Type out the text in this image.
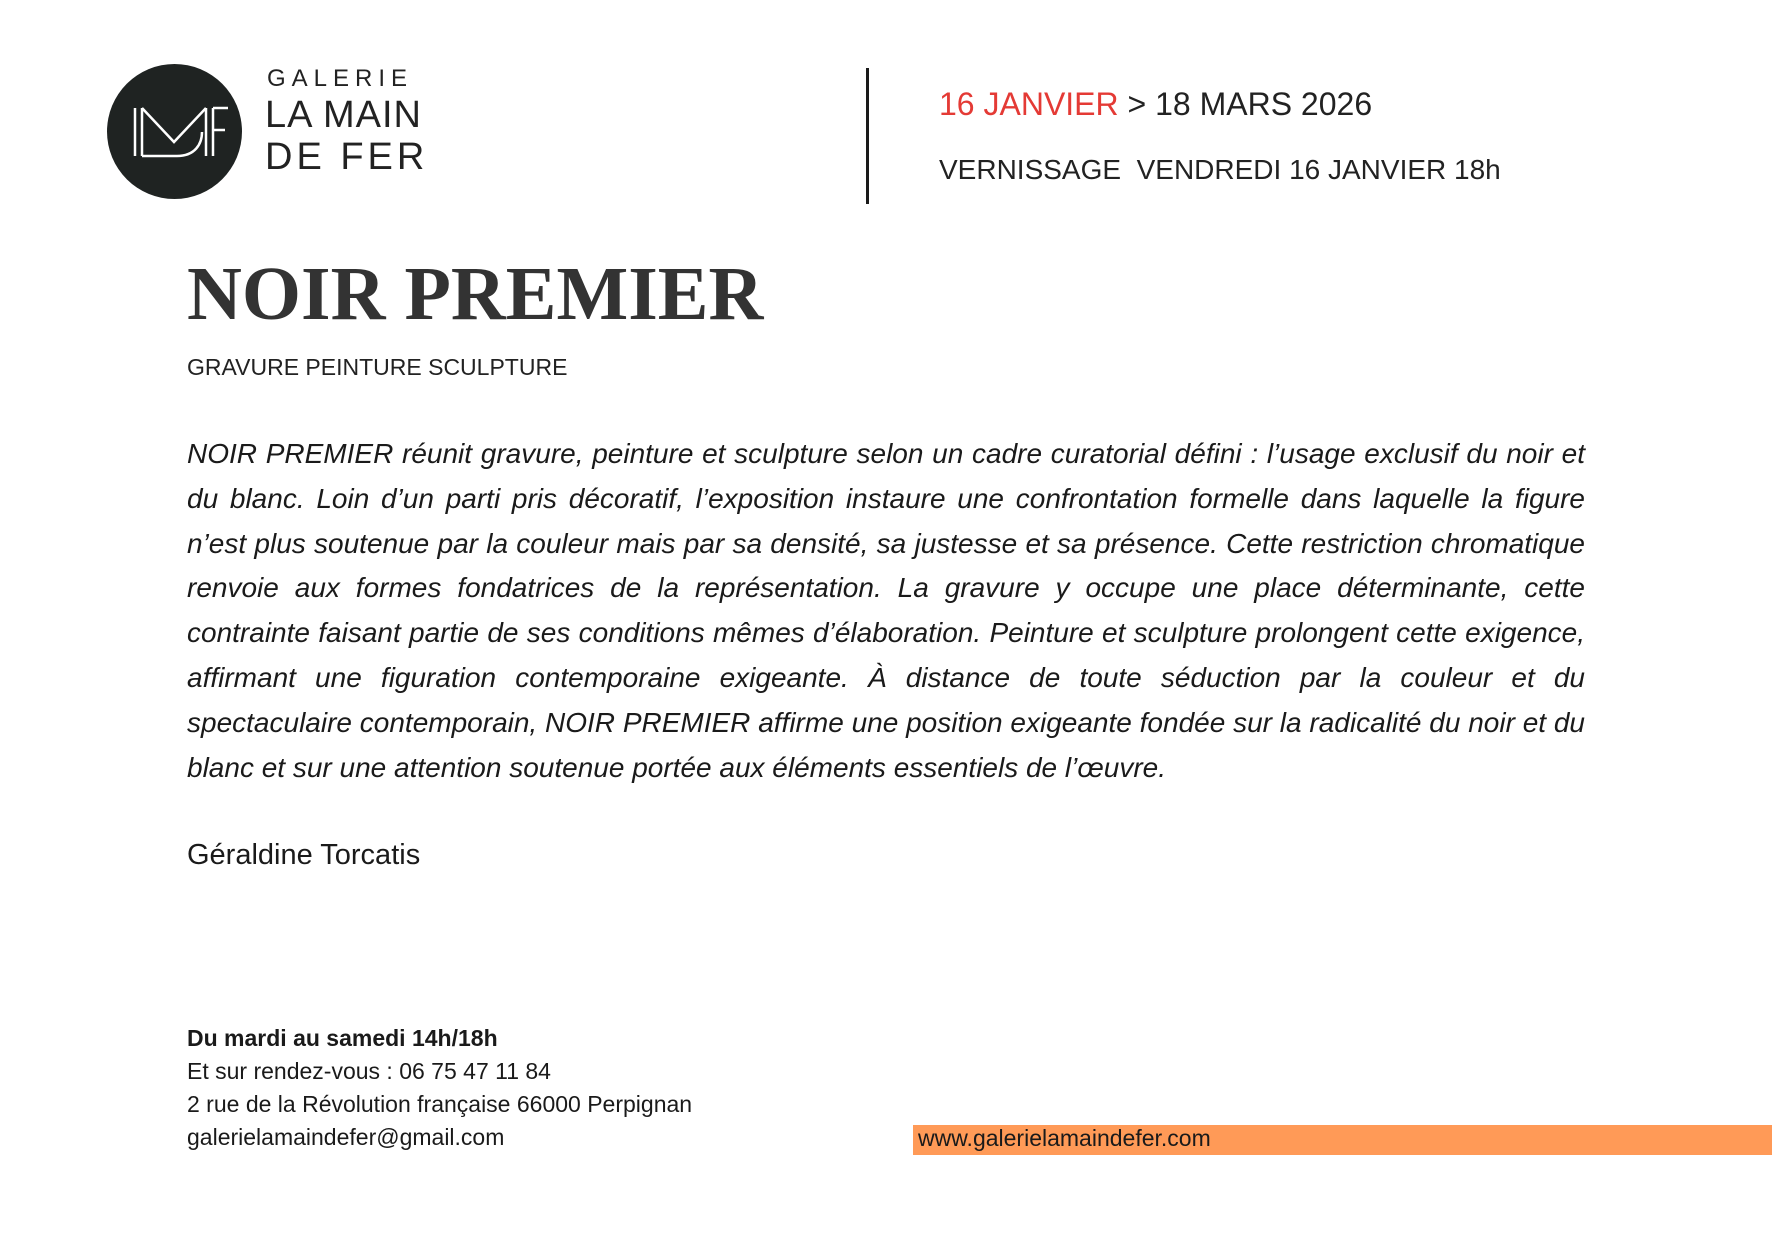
GALERIE
LA MAIN
DE FER
16 JANVIER > 18 MARS 2026
VERNISSAGE  VENDREDI 16 JANVIER 18h
NOIR PREMIER
GRAVURE PEINTURE SCULPTURE

NOIR PREMIER réunit gravure, peinture et sculpture selon un cadre curatorial défini : l’usage exclusif du noir et du blanc. Loin d’un parti pris décoratif, l’exposition instaure une confrontation formelle dans laquelle la figure n’est plus soutenue par la couleur mais par sa densité, sa justesse et sa présence. Cette restriction chromatique renvoie aux formes fondatrices de la représentation. La gravure y occupe une place déterminante, cette contrainte faisant partie de ses conditions mêmes d’élaboration. Peinture et sculpture prolongent cette exigence, affirmant une figuration contemporaine exigeante. À distance de toute séduction par la couleur et du spectaculaire contemporain, NOIR PREMIER affirme une position exigeante fondée sur la radicalité du noir et du blanc et sur une attention soutenue portée aux éléments essentiels de l’œuvre.

Géraldine Torcatis
Du mardi au samedi 14h/18h
Et sur rendez-vous : 06 75 47 11 84
2 rue de la Révolution française 66000 Perpignan
galerielamaindefer@gmail.com	www.galerielamaindefer.com
